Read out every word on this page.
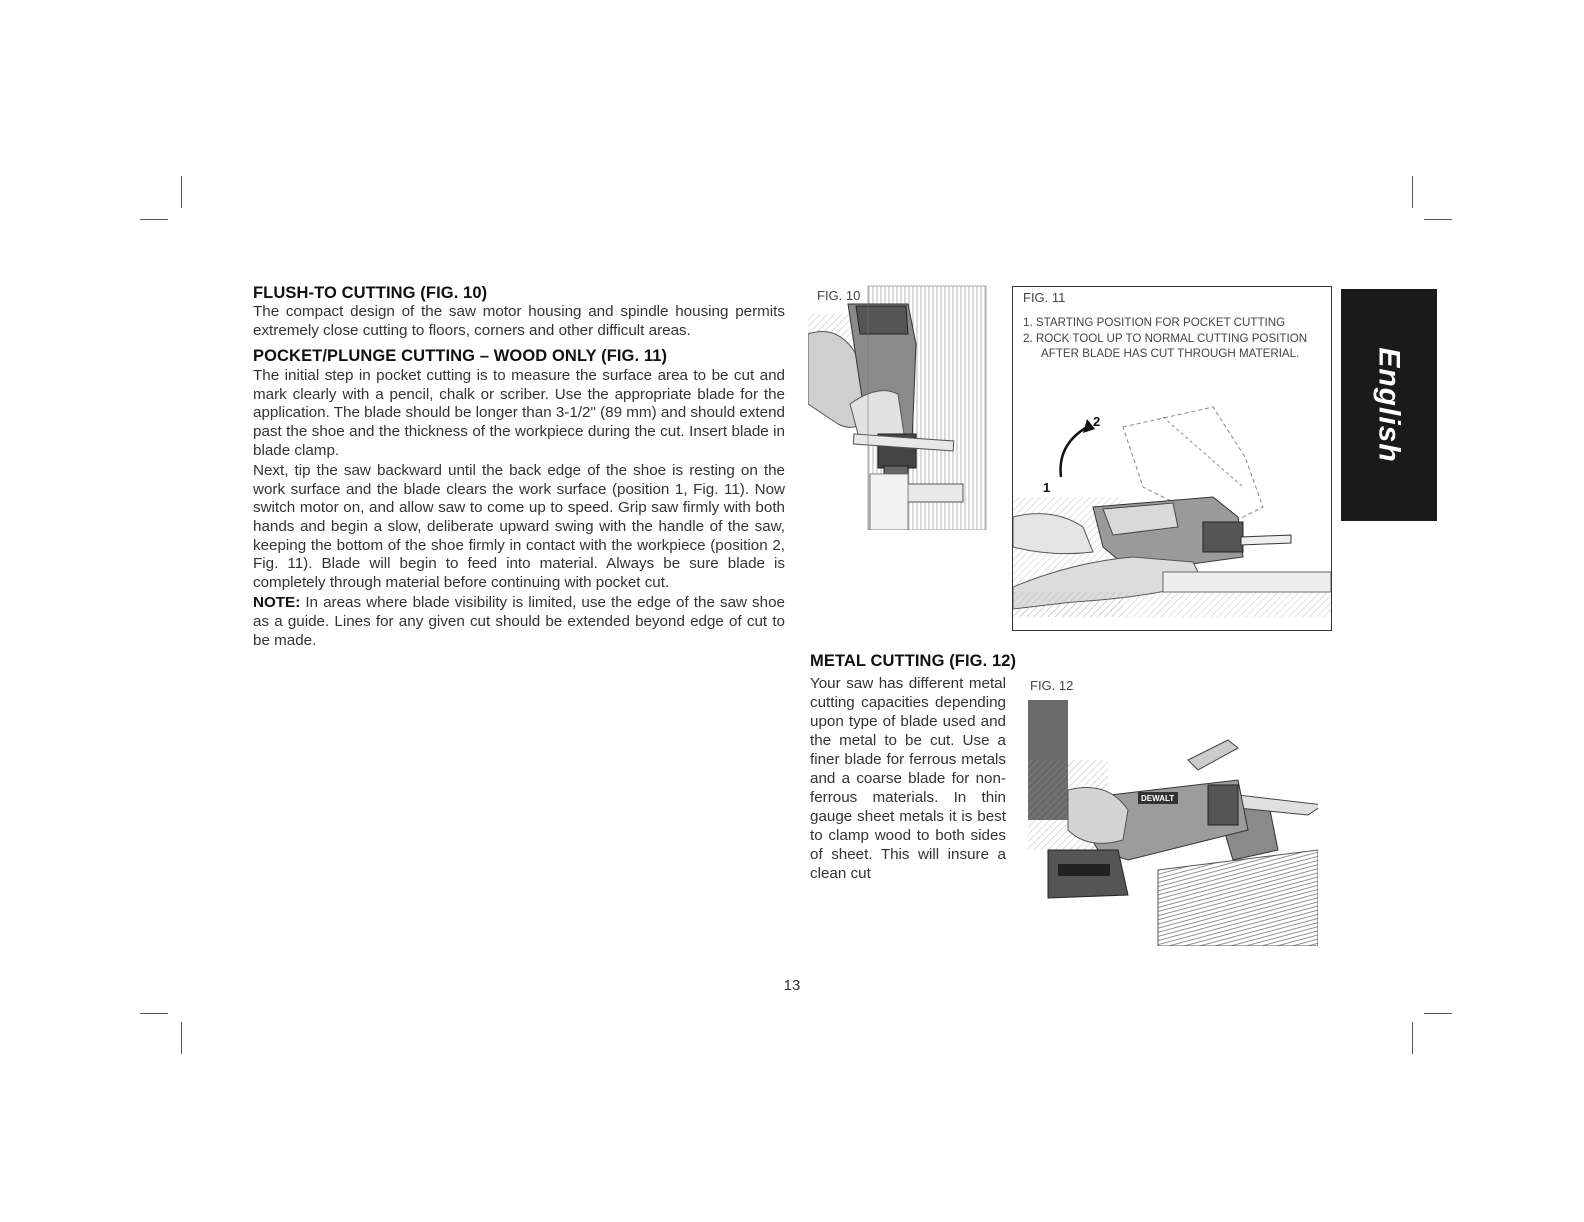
FLUSH-TO CUTTING (FIG. 10)

The compact design of the saw motor housing and spindle housing permits extremely close cutting to floors, corners and other difficult areas.

POCKET/PLUNGE CUTTING – WOOD ONLY (FIG. 11)

The initial step in pocket cutting is to measure the surface area to be cut and mark clearly with a pencil, chalk or scriber. Use the appropriate blade for the application. The blade should be longer than 3-1/2" (89 mm) and should extend past the shoe and the thickness of the workpiece during the cut. Insert blade in blade clamp.

Next, tip the saw backward until the back edge of the shoe is resting on the work surface and the blade clears the work surface (position 1, Fig. 11). Now switch motor on, and allow saw to come up to speed. Grip saw firmly with both hands and begin a slow, deliberate upward swing with the handle of the saw, keeping the bottom of the shoe firmly in contact with the workpiece (position 2, Fig. 11). Blade will begin to feed into material. Always be sure blade is completely through material before continuing with pocket cut.

NOTE: In areas where blade visibility is limited, use the edge of the saw shoe as a guide. Lines for any given cut should be extended beyond edge of cut to be made.

FIG. 10	FIG. 11
1. STARTING POSITION FOR POCKET CUTTING
2. ROCK TOOL UP TO NORMAL CUTTING POSITION AFTER BLADE HAS CUT THROUGH MATERIAL.
2
1
English
METAL CUTTING (FIG. 12)

Your saw has different metal cutting capacities depending upon type of blade used and the metal to be cut. Use a finer blade for ferrous metals and a coarse blade for non-ferrous materials. In thin gauge sheet metals it is best to clamp wood to both sides of sheet. This will insure a clean cut

FIG. 12
DEWALT
13
